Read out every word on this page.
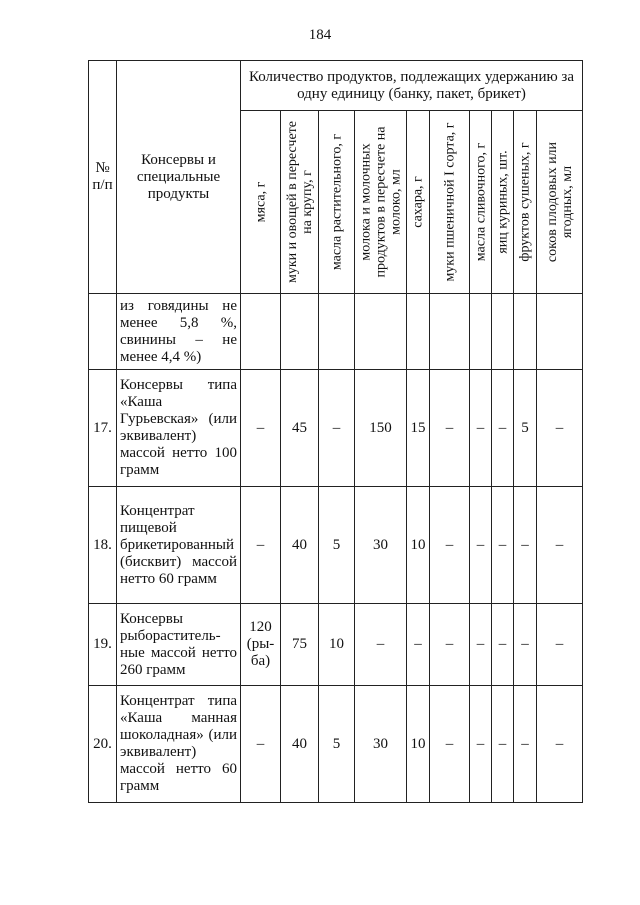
184
№
п/п	Консервы и специальные продукты	Количество продуктов, подлежащих удержанию за одну единицу (банку, пакет, брикет)									

		мяса, г	муки и овощей в пересчете на крупу, г	масла растительного, г	молока и молочных продуктов в пересчете на молоко, мл	сахара, г	муки пшеничной I сорта, г	масла сливочного, г	яиц куриных, шт.	фруктов сушеных, г	соков плодовых или ягодных, мл

	из говядины не менее 5,8 %, свинины – не менее 4,4 %)										
17.	Консервы типа «Каша Гурьевская» (или эквивалент) массой нетто 100 грамм	–	45	–	150	15	–	–	–	5	–
18.	Концентрат пищевой брикетированный (бисквит) массой нетто 60 грамм	–	40	5	30	10	–	–	–	–	–
19.	Консервы рыборастительные массой нетто 260 грамм	120 (ры-ба)	75	10	–	–	–	–	–	–	–
20.	Концентрат типа «Каша манная шоколадная» (или эквивалент) массой нетто 60 грамм	–	40	5	30	10	–	–	–	–	–
